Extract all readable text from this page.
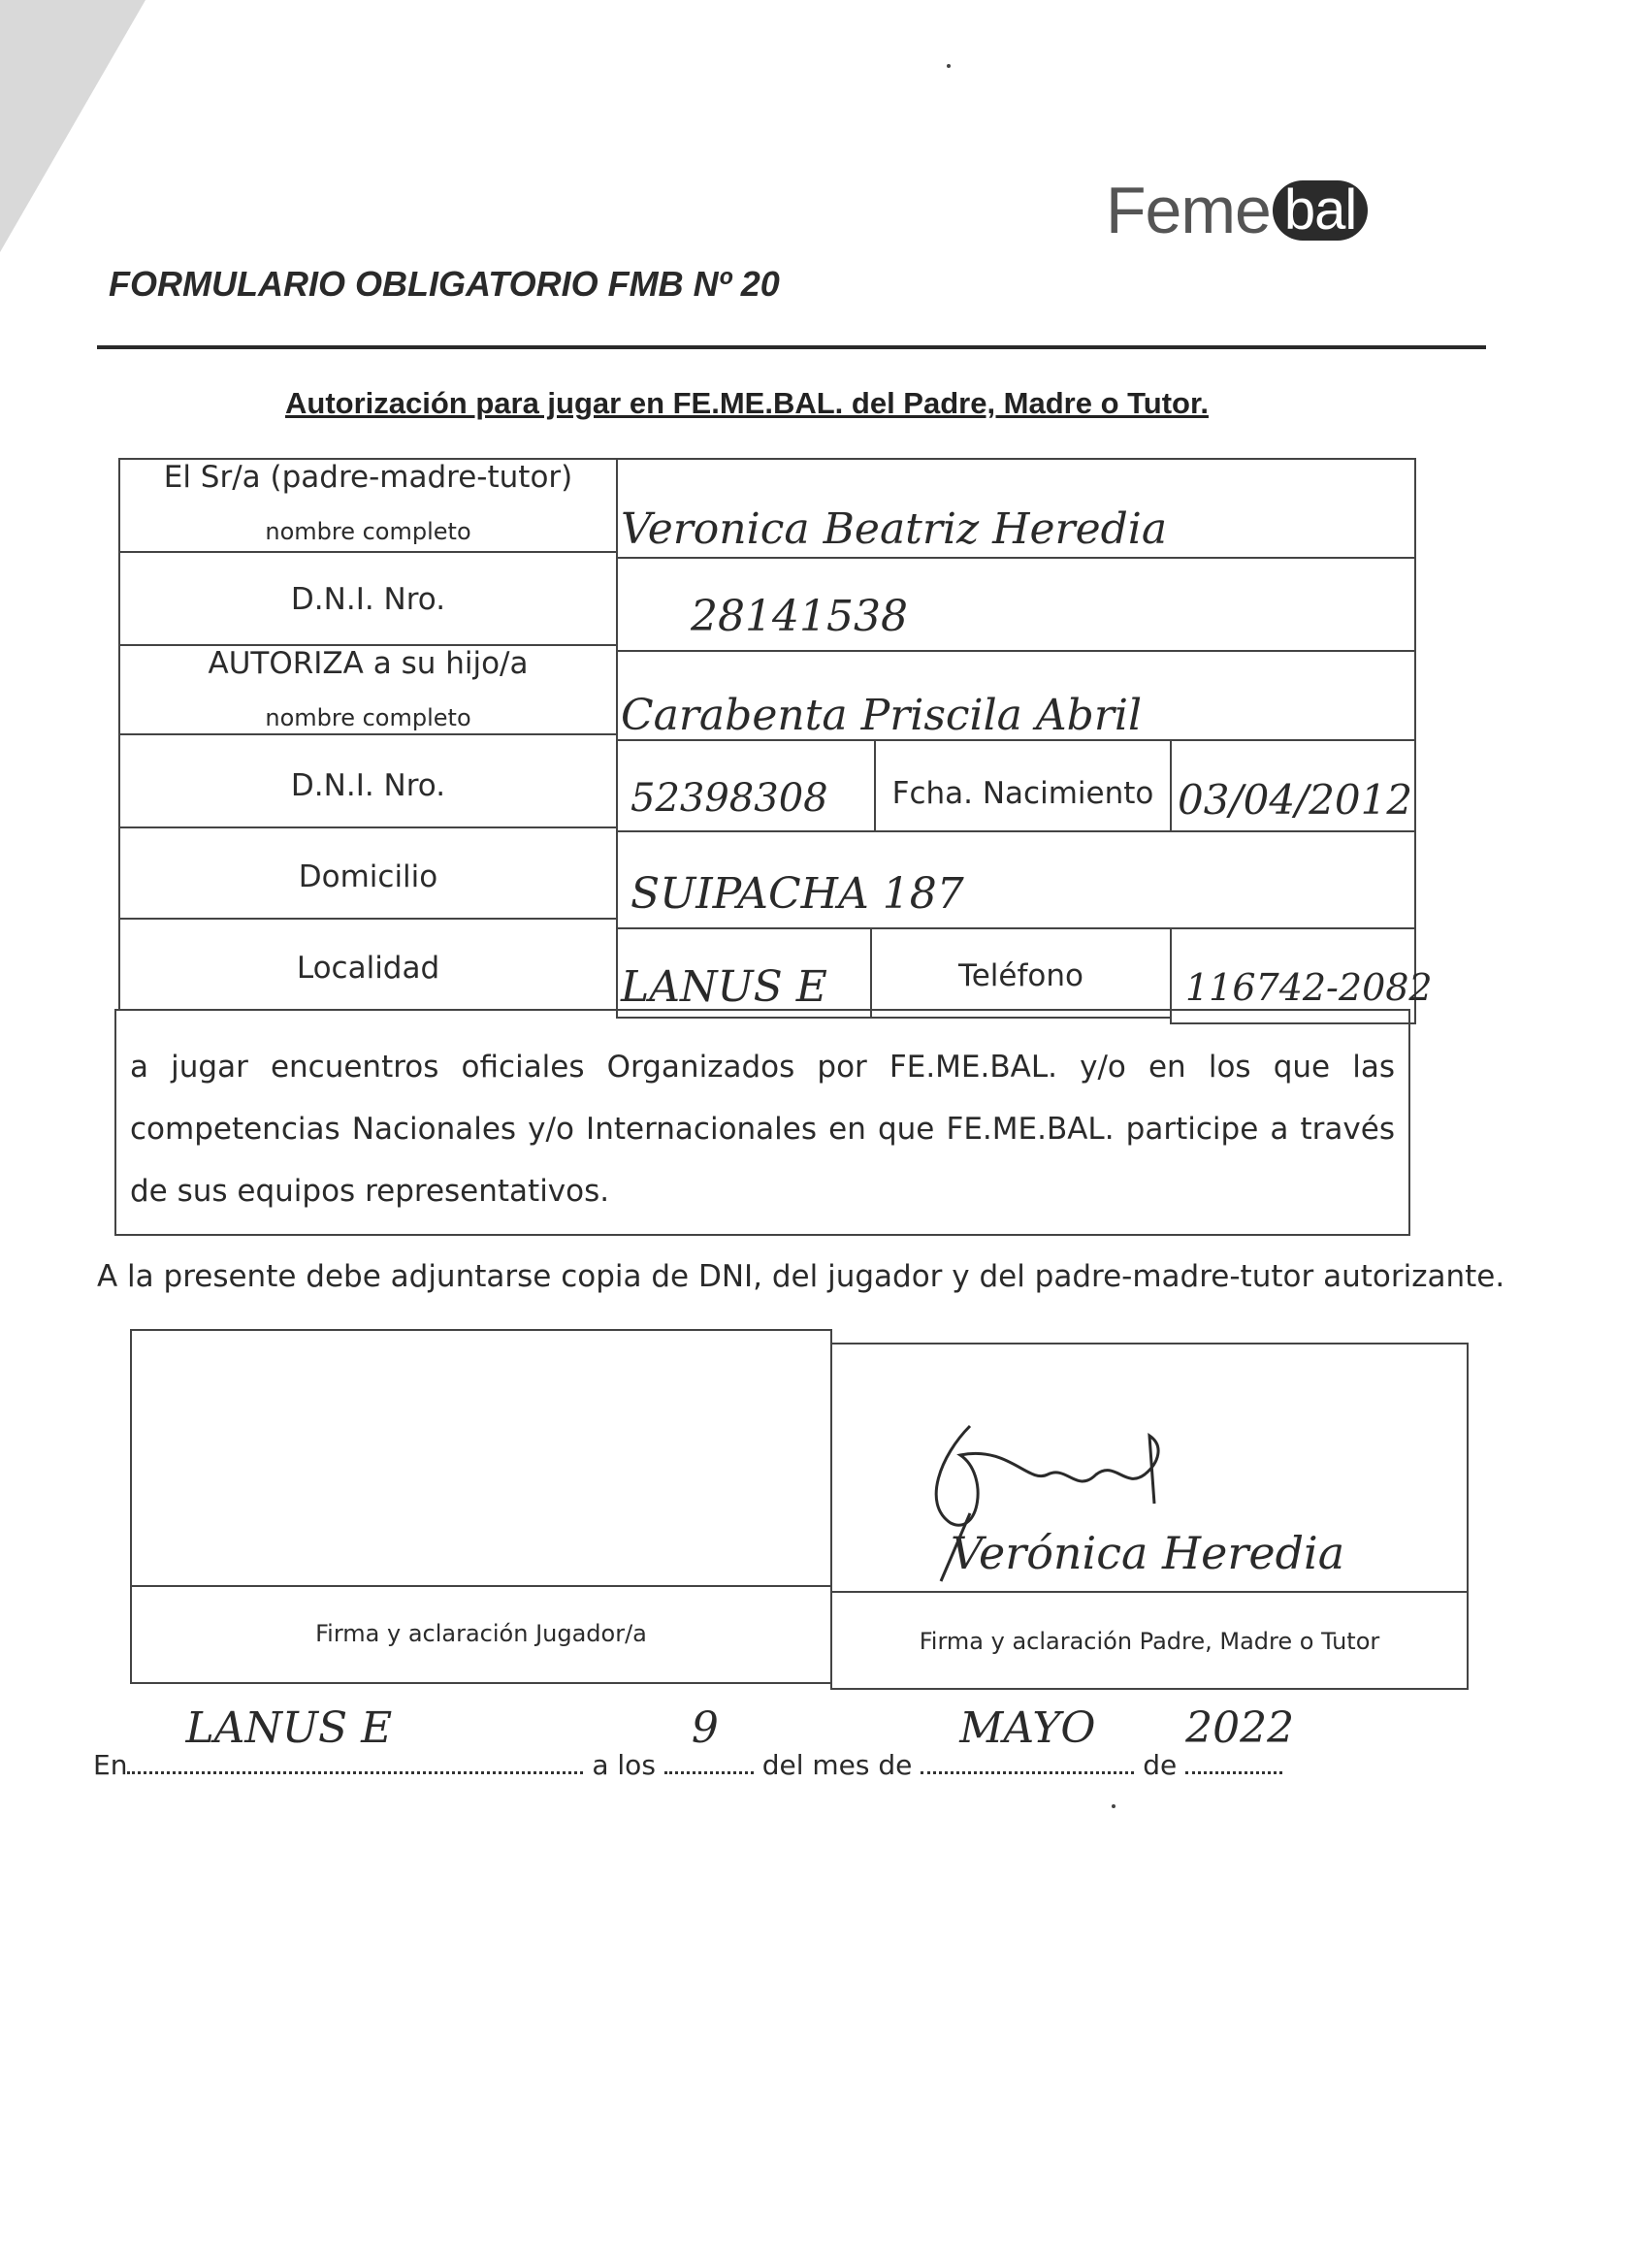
Feme bal
FORMULARIO OBLIGATORIO FMB Nº 20
Autorización para jugar en FE.ME.BAL. del Padre, Madre o Tutor.
El Sr/a (padre-madre-tutor)
nombre completo	Veronica Beatriz Heredia
D.N.I. Nro.	28141538
AUTORIZA a su hijo/a
nombre completo	Carabenta Priscila Abril
D.N.I. Nro.	52398308	Fcha. Nacimiento 03/04/2012
Domicilio	SUIPACHA 187
Localidad	LANUS E	Teléfono	116742-2082
a jugar encuentros oficiales Organizados por FE.ME.BAL. y/o en los que las competencias Nacionales y/o Internacionales en que FE.ME.BAL. participe a través de sus equipos representativos.
A la presente debe adjuntarse copia de DNI, del jugador y del padre-madre-tutor autorizante.
Firma y aclaración Jugador/a	Firma y aclaración Padre, Madre o Tutor
Verónica Heredia
En
LANUS E
a los
9
del mes de
MAYO
de
2022
